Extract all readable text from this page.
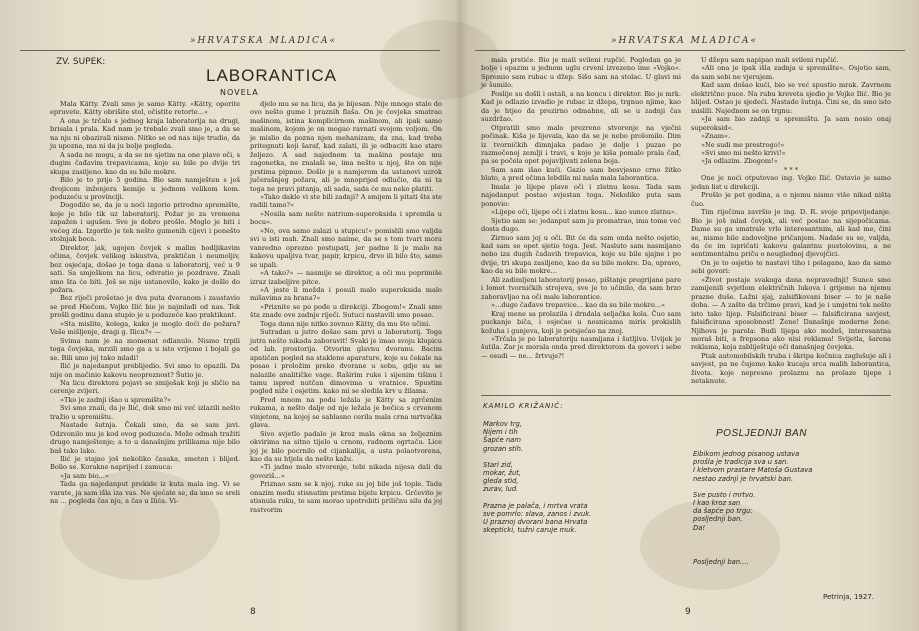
»HRVATSKA MLADICA«
ZV. SUPEK:
LABORANTICA
NOVELA

Mala Kätty. Zvali smo je samo Kätty. »Kätty, operite epruvete. Kätty obrišite stol, očistite retorte...«

A ona je trčala s jednog kraja laboratorija na drugi, brisala i prala. Kad nam je trebalo zvali smo je, a da se na nju ni obazirali nismo. Nitko se od nas nije trudio, da ju upozna, ma ni da ju bolje pogleda.

A sada ne mogu, a da se ne sjetim na one plave oči, s dugim čađavim trepavicama, koje su bile po dvije tri skupa zasiljeno. kao da su bile mokre.

Bilo je to prije 5 godina. Bio sam namješten s još dvojicom inženjera kemije u jednom velikom kom. poduzeću u provinciji.

Dogodilo se, da je u noći izgorio prirodno spremište, koje je bilo tik uz laboratorij. Požar je za vremena zapažen i ugušen. Sve je dobro prošlo. Moglo je biti i većeg zla. Izgorilo je tek nešto gumenih cijevi i ponešto stolnjak boca.

Direktor, jak, ugojen čovjek s malim hodljikavim očima, čovjek velikog iskustva, praktičan i neumoljiv, bez osjećaja, došao je toga dana u laboratorij, već u 9 sati. Sa smješkom na licu, odvratio je pozdrave. Znali smo šta će biti. Još se nije ustanovilo, kako je došlo do požara.

Bez riječi prošetao je dva puta dvoranom i zaustavio se pred Hiečom. Vojko Ilić bio je najmlađi od nas. Tek prošli godinu dana stupio je u poduzeće kao praktikant.

»Sta mislite, kolega, kako je moglo doći do požara? Vaše mišljenje, dragi g. Ilicu?« —

Svima nam je na momenat odlanulo. Nismo trpili toga čovjeka, mrzili smo ga a u isto vrijeme i bojali ga se. Bili smo joj tako mladi!

Ilić je najedanput problijedio. Svi smo to opazili. Da nije on mačinio kakovu neopreznost? Šutio je.

Na licu direktora pojavi se smiješak koji je sličio na cerenje zvijeri.

»Tko je zadnji išao u spremište?«

Svi smo znali, da je Ilić, dok smo mi već izlazili nešto tražio u spremištu.

Nastade šutnja. Čekali smo, da se sam javi. Odzvonilo mu je kod ovog poduzeća. Može odmah tražiti drugo namještenje; a to u današnjim prilikama nije bilo baš tako lako.

Ilić je stajao još nekoliko časaka, smeten i blijed. Bolio se. Korakne naprijed i zamuca:

»Ja sam bio...«

Tada ga najedanput prekide iz kuta mala ing. Vi se varate, ja sam išla iza vas. Ne sjećate se, da smo se sreli na ... pogleda čas nju, a čas u Ilića. Vi-

djelo mu se na licu, da je bijesan. Nije mnogo stalo do ovo nešto gume i praznih flaša. On je čovjeka smatrao mašinom, istina komplicirnom mašinom, ali ipak samo mašinom, kojom je on mogao ravnati svojom voljom. On je mislio da pozna njen mehanizam, da zna, kad treba pritegnuti koji šaraf, kad zalati, ili je odbaciti kao staro željezo. A sad najednom ta mašina postaje mu zagonetka, ne znalaši se, ima nešto u njoj, što on nije prstima pipnuo. Došlo je s namjerom da ustanovi uzrok jučerašnjeg požara, ali je mnoprijed odlučio, da ni ta toga ne pravi pitanja, ali sada, sada će mu neko platiti.

»Tako dakle vi ste bili zadnji? A smijem li pitati šta ste radili tamo?«

»Nosila sam nešto natrium-superoksida i spremila u bocu«.

»No, ova samo zalazi u stupicu!« pomislili smo valjda svi u isti mah. Znali smo naime, da se s tom tvari mora vanredno oprezno postupati, jer padne li je malo na kakovu upaljiva tvar, papir, krpicu, drvo ili bilo što, samo se upali.

»A tako?« — nasmije se direktor, a oči mu poprimiše izraz izabeljive pitce.

»A jeste li možda i posuli malo superoksida malo mišavima za hrana?«

»Priznite se po pođe u direkciji. Zbogom!« Znali smo šta znade ove zadnje riječi. Sutuci nastavili smo posao.

Toga dana nije nitko zovnuo Kätty, da mu što učini.

Sutradan u jutro došao sam prvi u laboratorij. Toga jutra nešto nikada zaboravit! Svaki je imao svoju klupicu od lab. prostorija. Otvorim glavnu dvoranu. Bacim apatičan pogled na staklene aparature, koje su čekale na posao i proložim preko dvorane u sobu, gdje su se nalazile analitičke vage. Raširim ruke i sijenim tišinu i tamu ispred nutčan dimovima u vratnice. Spustim pogled niže i osjetim. kako mi se sledila krv u žilama.

Pred mnom na podu ležala je Kätty sa zgrčenim rukama, a nešto dalje od nje ležala je bočica s crvenom vinjetom, na kojoj se sablasno cerila mala crna mrtvačka glava.

Sivo svjetlo padalo je kroz mala okna sa željeznim okvirima na sitno tijelo u crnom, radnom ogrtaču. Lice joj je bilo pocrnilo od cijankalija, a usta polaotvorena, kao da su htjela da nešto kažu.

»Ti jadno malo stvorenje, tebi nikada nijesa dali da govoriš...«

Priznao sam se k njoj, ruke su joj bile još tople. Tada onazim među stisnutim prstima bijelu krpicu. Grčevito je stisnula ruku, te sam morao upotrebiti priličnu silu da joj rastvorim

8
»HRVATSKA MLADICA«

mala prstiće. Bio je mali svileni rupčić. Poglodan ga je bolje i opazim u jednom uglu crveni izvezeno ime »Vojko«. Spremio sam rubac u džep. Sišo sam na stolac. U glavi mi je šumilo.

Poslije su došli i ostali, a na koncu i direktor. Bio je mrk. Kad je odlazio izvadio je rubac iz džepa, trgnuo njime, kao da je htjeo da prezirno odmahne, ali se u zadnji čas suzdržao.

Otpratili smo malo prezreno stvorenje na vječni počinak. Kiša je lijevala, kao da se je nebo prolomilo. Dim iz tvorničkih dimnjaka padao je dolje i puzao po razmočenoj zemlji i travi, s koje je kiša pomalo prala čađ, pa se počela opet pojavljivati zelena boja.

Sam sam išao kući. Gazio sam besvjesno crno žitko blato, a pred očima lebdila mi naša mala laborantica.

Imala je lijepe plave oči i zlatnu kosu. Tada sam najedanput postao svjestan toga. Nekoliko puta sam ponovio:

»Lijepe oči, lijepe oči i zlatnu kosu... kao sunce zlatnu«.

Sjetio sam se: jedanput sam ju promatrao, ima tome već dosta dugo.

Zirnuo sam joj u oči. Bit će da sam onda nešto osjetio, kad sam se opet sjetio toga. Jest. Nasluto sam nasmijano nebo iza dugih čađavih trepavica, koje su bile sjajne i po dvije, tri skupa zasiljeno, kao da su bile mokre. Da, upravo, kao da su bile mokre...

Ali zadimljeni laboratorij posao, pištanje pregrijane pare i lomot tvorničkih strojeva, sve je to učinilo, da sam brzo zaboravljao na oči male laborantice.

»...duge čađave trepavice... kao da su bile mokre...«

Kraj mene sa prolazila i drndala seljačka kola. Čuo sam puckanje biča, i osjećao u nosnicama miris prokislih kožuha i gunjeva, koji je potsjećao na znoj.

»Trčala je po laboratoriju nasmijana i šutljiva. Uvijek je šutila. Zar je morala onda pred direktorom da govori i sebe — osudi — ne... žrtvuje?!

U džepu sam napipao mali svileni rupčić.

»Ali ona je ipak išla zadnja u spremište«. Osjetio sam, da sam sebi ne vjerujem.

Kad sam došao kući, bio se već spustio mrak. Zavrnem električno puce. Na rubu kreveta sjedio je Vojko Ilić. Bio je blijed. Ostao je sjedeći. Nastade šutnja. Čini se, da smo isto mislili. Najednom se on trgnu:

»Ja sam bio zadnji u spremištu. Ja sam nosio onaj superoksid«.

»Znam«.

»Ne sudi me prestrogo!«

»Svi smo mi nešto krivi!«

»Ja odlazim. Zbogom!«

* * *

One je noći otputovao ing. Vojko Ilić. Ostavio je samo jedan list u direkciji.

Prošlo je pet godina, a o njemu nismo više nikad ništa čuo.

Tim riječima završio je ing. D. R. svoje pripovijedanje. Bio je još mlad čovjek, ali već postao na sijepočicama. Dame su ga smatrale vrlo interesantnim, ali kad me, čini se, nismo bile zadovoljne pričanjem. Nadale su se, valjda, da će im ispričati kakovu galantnu pustolovinu, a ne sentimentalnu priču o neuglednoj djevojčici.

On je to osjetio te nastavi tiho i polagano, kao da samo sebi govori:

»Život postaje svakoga dana nepravednji! Sunce smo zamijenili svjetlom električnih lukova i grijemo na njemu prazne duše. Lažni sjaj, zalsifikovani biser — to je naše doba. — A zašto da trčimo pravi, kad je i umjetni tek nešto isto tako lijep. Falsificirani biser — falsificirana savjest, falsificirana sposobnost! Žene! Današnje moderne žene. Njihova je parola: Budi lijepa ako možeš, interesantna moraš biti, a frepsona ako nisi reklama! Svijetla, šarena reklama, koja zabliještuje oči današnjeg čovjeka.

Ptak automobilskih truba i škripa kočnica zaglušuje ali i savjest, pa ne čujemo kako kucaju srca malih laborantica, života. koje nepresno prolaznu na prolaze lijepe i netaknute.

KAMILO KRIŽANIĆ:
Markov trg,
Nijem i tih
Šapće nam
grozan stih.
Stari zid,
mokar, žut,
gleda stid,
zurav, lud.
Prazna je palača, i mrtva vrata
sve pomrlo: slava, zanos i zvuk.
U praznoj dvorani bana Hrvata
skepticki, tužni caruje muk.
POSLJEDNJI BAN
Eibikom jednog pisanog ustava
prošla je tradicija sva u san.
I kletvom prastare Matoša Gustava
nestao zadnji je hrvatski ban.
Sve pusto i mrtvo.
I kao kroz san
da šapće po trgu:
posljednji ban.
Da!
Posljednji ban....
Petrinja, 1927.
9
